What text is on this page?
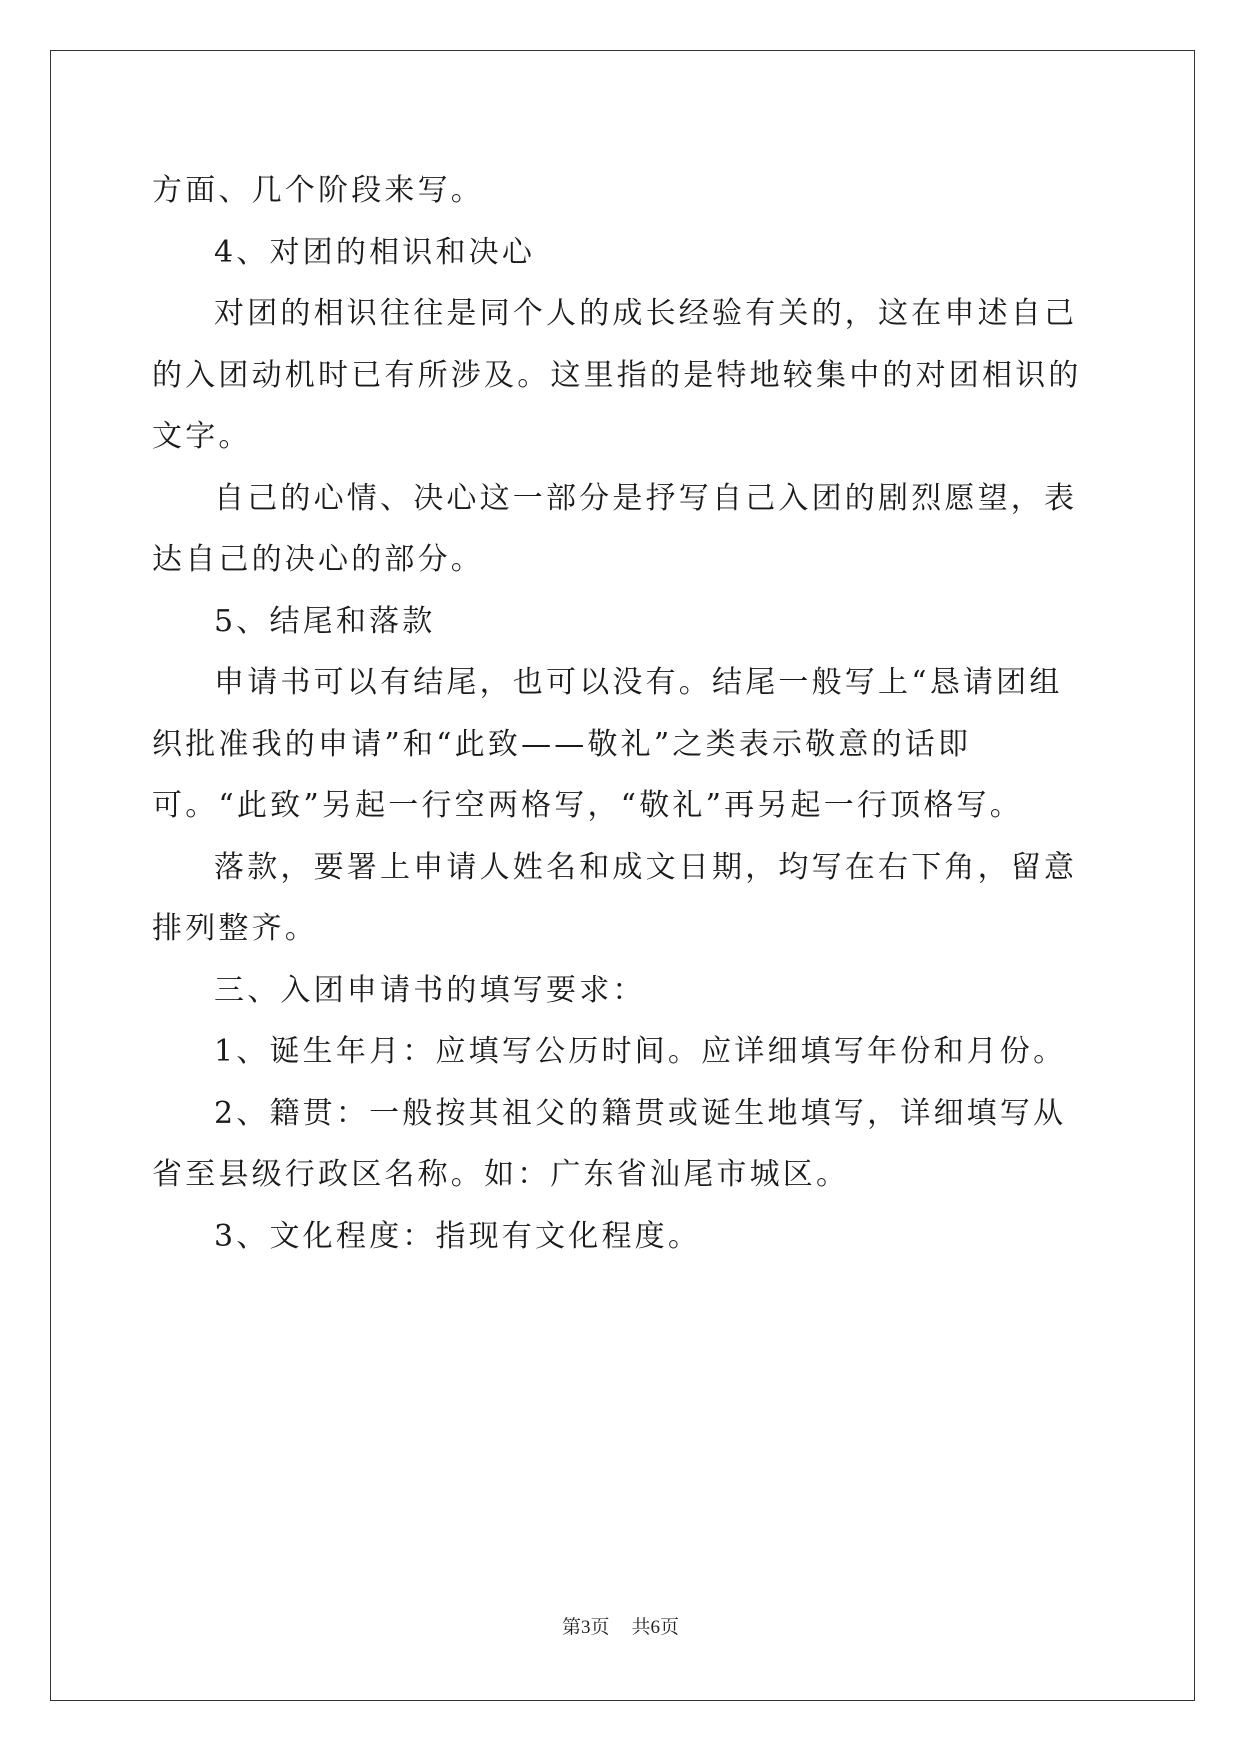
方面、几个阶段来写。

4、对团的相识和决心

对团的相识往往是同个人的成长经验有关的，这在申述自己的入团动机时已有所涉及。这里指的是特地较集中的对团相识的文字。

自己的心情、决心这一部分是抒写自己入团的剧烈愿望，表达自己的决心的部分。

5、结尾和落款

申请书可以有结尾，也可以没有。结尾一般写上“恳请团组织批准我的申请”和“此致——敬礼”之类表示敬意的话即可。“此致”另起一行空两格写，“敬礼”再另起一行顶格写。

落款，要署上申请人姓名和成文日期，均写在右下角，留意排列整齐。

三、入团申请书的填写要求：

1、诞生年月：应填写公历时间。应详细填写年份和月份。

2、籍贯：一般按其祖父的籍贯或诞生地填写，详细填写从省至县级行政区名称。如：广东省汕尾市城区。

3、文化程度：指现有文化程度。

第3页 共6页
